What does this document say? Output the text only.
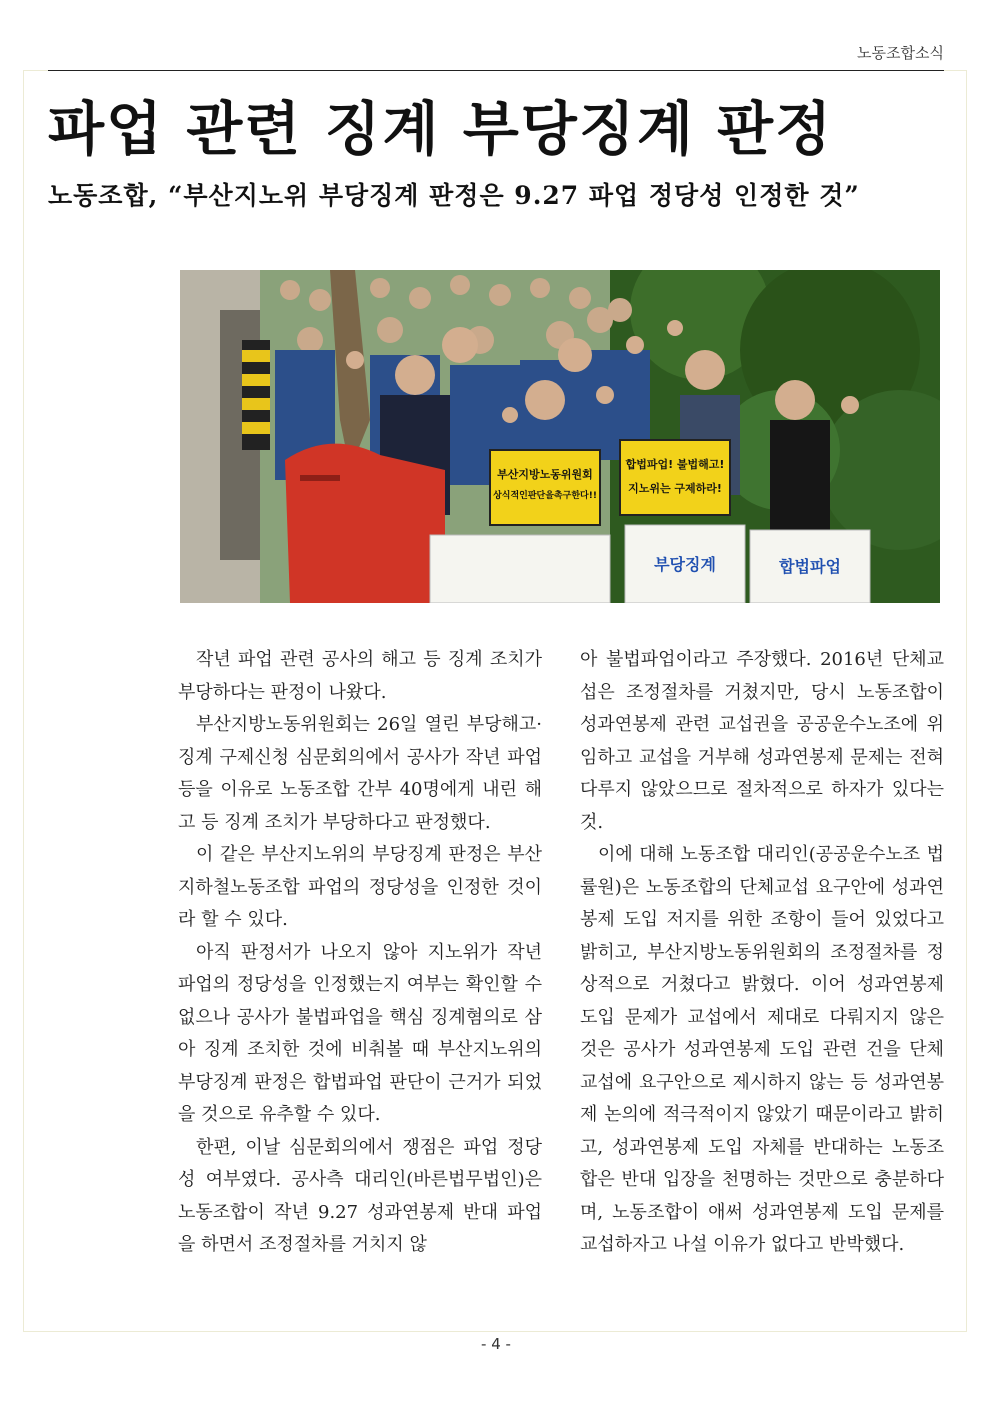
노동조합소식
파업 관련 징계 부당징계 판정
노동조합, “부산지노위 부당징계 판정은 9.27 파업 정당성 인정한 것”
부산지방노동위원회
상식적인판단을촉구한다!!
합법파업! 불법해고!
지노위는 구제하라!
부당징계	합법파업

작년 파업 관련 공사의 해고 등 징계 조치가 부당하다는 판정이 나왔다.

부산지방노동위원회는 26일 열린 부당해고·징계 구제신청 심문회의에서 공사가 작년 파업 등을 이유로 노동조합 간부 40명에게 내린 해고 등 징계 조치가 부당하다고 판정했다.

이 같은 부산지노위의 부당징계 판정은 부산지하철노동조합 파업의 정당성을 인정한 것이라 할 수 있다.

아직 판정서가 나오지 않아 지노위가 작년 파업의 정당성을 인정했는지 여부는 확인할 수 없으나 공사가 불법파업을 핵심 징계혐의로 삼아 징계 조치한 것에 비춰볼 때 부산지노위의 부당징계 판정은 합법파업 판단이 근거가 되었을 것으로 유추할 수 있다.

한편, 이날 심문회의에서 쟁점은 파업 정당성 여부였다. 공사측 대리인(바른법무법인)은 노동조합이 작년 9.27 성과연봉제 반대 파업을 하면서 조정절차를 거치지 않

아 불법파업이라고 주장했다. 2016년 단체교섭은 조정절차를 거쳤지만, 당시 노동조합이 성과연봉제 관련 교섭권을 공공운수노조에 위임하고 교섭을 거부해 성과연봉제 문제는 전혀 다루지 않았으므로 절차적으로 하자가 있다는 것.

이에 대해 노동조합 대리인(공공운수노조 법률원)은 노동조합의 단체교섭 요구안에 성과연봉제 도입 저지를 위한 조항이 들어 있었다고 밝히고, 부산지방노동위원회의 조정절차를 정상적으로 거쳤다고 밝혔다. 이어 성과연봉제 도입 문제가 교섭에서 제대로 다뤄지지 않은 것은 공사가 성과연봉제 도입 관련 건을 단체교섭에 요구안으로 제시하지 않는 등 성과연봉제 논의에 적극적이지 않았기 때문이라고 밝히고, 성과연봉제 도입 자체를 반대하는 노동조합은 반대 입장을 천명하는 것만으로 충분하다며, 노동조합이 애써 성과연봉제 도입 문제를 교섭하자고 나설 이유가 없다고 반박했다.

- 4 -
